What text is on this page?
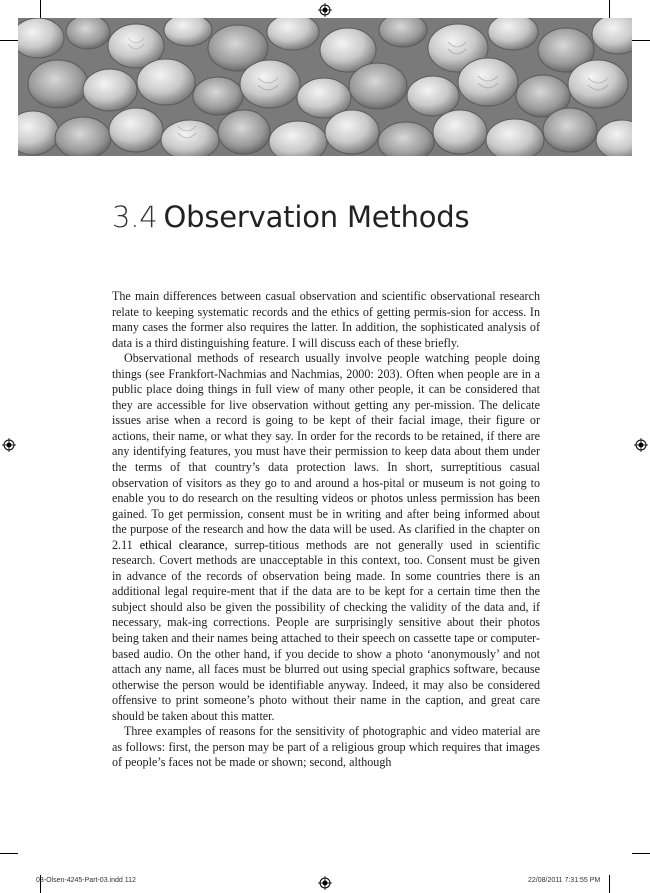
3.4 Observation Methods

The main differences between casual observation and scientific observational research relate to keeping systematic records and the ethics of getting permis-sion for access. In many cases the former also requires the latter. In addition, the sophisticated analysis of data is a third distinguishing feature. I will discuss each of these briefly.

Observational methods of research usually involve people watching people doing things (see Frankfort-Nachmias and Nachmias, 2000: 203). Often when people are in a public place doing things in full view of many other people, it can be considered that they are accessible for live observation without getting any per-mission. The delicate issues arise when a record is going to be kept of their facial image, their figure or actions, their name, or what they say. In order for the records to be retained, if there are any identifying features, you must have their permission to keep data about them under the terms of that country’s data protection laws. In short, surreptitious casual observation of visitors as they go to and around a hos-pital or museum is not going to enable you to do research on the resulting videos or photos unless permission has been gained. To get permission, consent must be in writing and after being informed about the purpose of the research and how the data will be used. As clarified in the chapter on 2.11 ethical clearance, surrep-titious methods are not generally used in scientific research. Covert methods are unacceptable in this context, too. Consent must be given in advance of the records of observation being made. In some countries there is an additional legal require-ment that if the data are to be kept for a certain time then the subject should also be given the possibility of checking the validity of the data and, if necessary, mak-ing corrections. People are surprisingly sensitive about their photos being taken and their names being attached to their speech on cassette tape or computer-based audio. On the other hand, if you decide to show a photo ‘anonymously’ and not attach any name, all faces must be blurred out using special graphics software, because otherwise the person would be identifiable anyway. Indeed, it may also be considered offensive to print someone’s photo without their name in the caption, and great care should be taken about this matter.

Three examples of reasons for the sensitivity of photographic and video material are as follows: first, the person may be part of a religious group which requires that images of people’s faces not be made or shown; second, although

03-Olsen-4245-Part-03.indd 112	22/08/2011 7:31:55 PM
